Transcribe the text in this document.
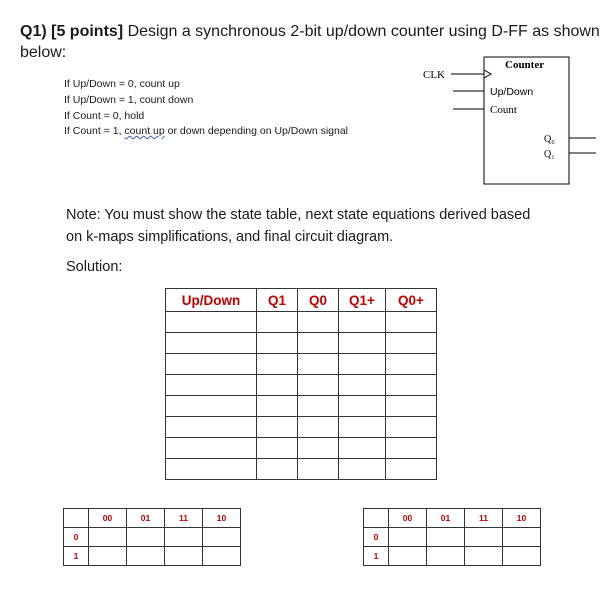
Q1) [5 points] Design a synchronous 2-bit up/down counter using D-FF as shown
below:
If Up/Down = 0, count up
If Up/Down = 1, count down
If Count = 0, hold
If Count = 1, count up or down depending on Up/Down signal
Counter
CLK
Up/Down
Count
Q₀
Q₁
Note: You must show the state table, next state equations derived based
on k-maps simplifications, and final circuit diagram.
Solution:
Up/Down	Q1	Q0	Q1+	Q0+

	00	01	11	10
0				
1				
	00	01	11	10
0				
1				
